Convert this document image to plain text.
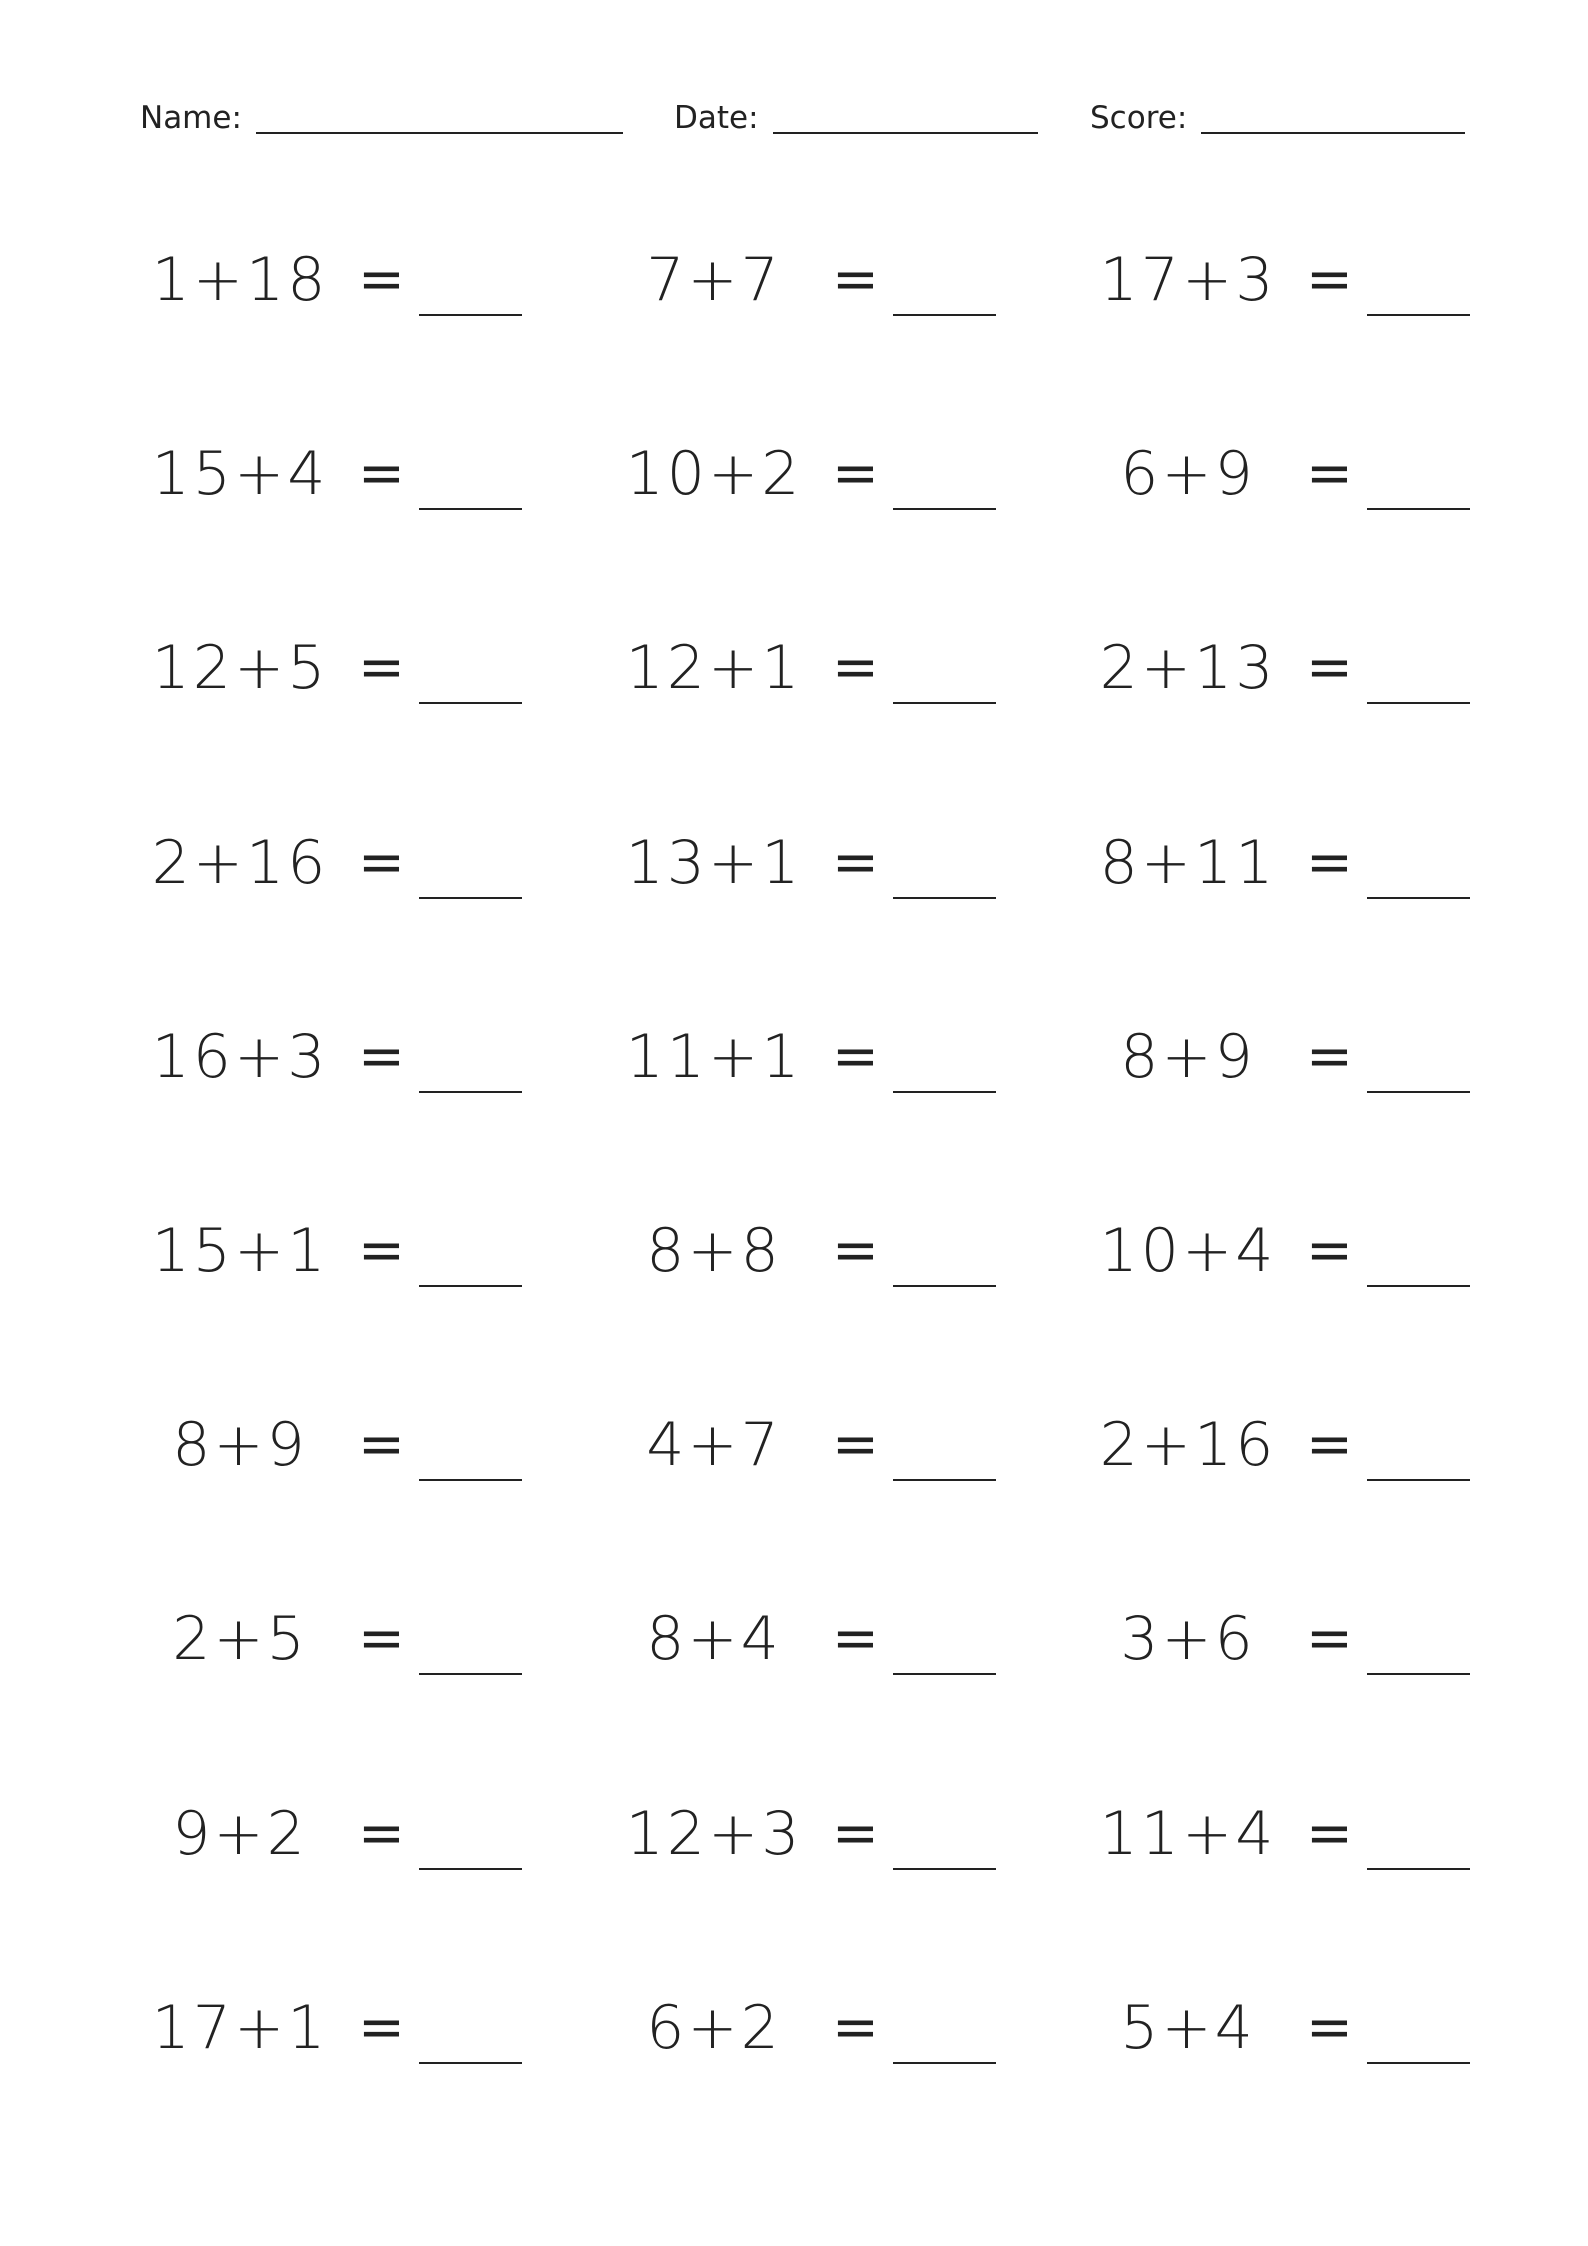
Name:	Date:	Score:
1+18 =	7+7 =	17+3 =
15+4 =	10+2 =	6+9 =
12+5 =	12+1 =	2+13 =
2+16 =	13+1 =	8+11 =
16+3 =	11+1 =	8+9 =
15+1 =	8+8 =	10+4 =
8+9 =	4+7 =	2+16 =
2+5 =	8+4 =	3+6 =
9+2 =	12+3 =	11+4 =
17+1 =	6+2 =	5+4 =
